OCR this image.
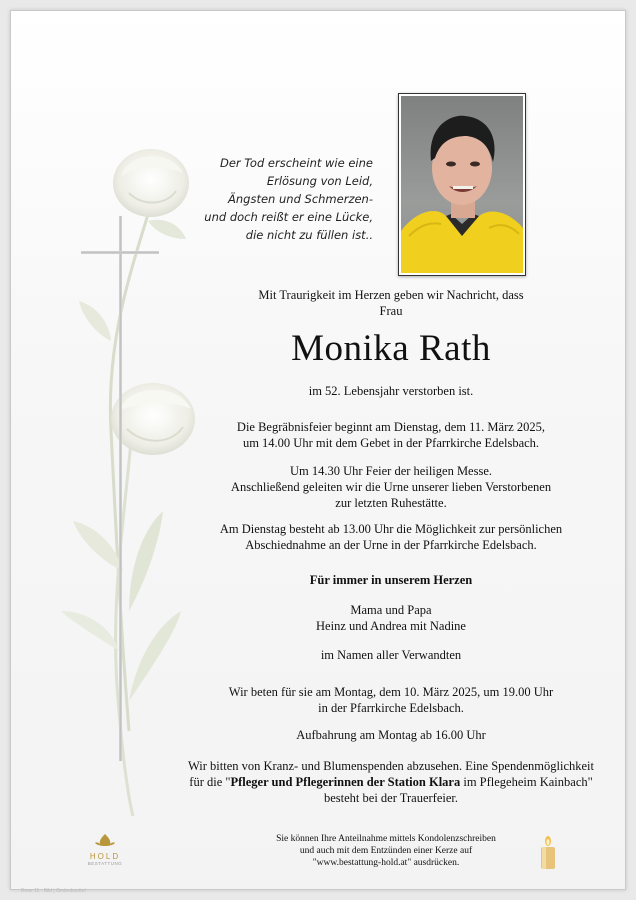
Der Tod erscheint wie eine
Erlösung von Leid,
Ängsten und Schmerzen-
und doch reißt er eine Lücke,
die nicht zu füllen ist..
Mit Traurigkeit im Herzen geben wir Nachricht, dass
Frau
Monika Rath
im 52. Lebensjahr verstorben ist.
Die Begräbnisfeier beginnt am Dienstag, dem 11. März 2025,
um 14.00 Uhr mit dem Gebet in der Pfarrkirche Edelsbach.
Um 14.30 Uhr Feier der heiligen Messe.
Anschließend geleiten wir die Urne unserer lieben Verstorbenen
zur letzten Ruhestätte.
Am Dienstag besteht ab 13.00 Uhr die Möglichkeit zur persönlichen
Abschiednahme an der Urne in der Pfarrkirche Edelsbach.
Für immer in unserem Herzen
Mama und Papa
Heinz und Andrea mit Nadine
im Namen aller Verwandten
Wir beten für sie am Montag, dem 10. März 2025, um 19.00 Uhr
in der Pfarrkirche Edelsbach.
Aufbahrung am Montag ab 16.00 Uhr
Wir bitten von Kranz- und Blumenspenden abzusehen. Eine Spendenmöglichkeit
für die "Pfleger und Pflegerinnen der Station Klara im Pflegeheim Kainbach"
besteht bei der Trauerfeier.
HOLD
BESTATTUNG
Sie können Ihre Anteilnahme mittels Kondolenzschreiben
und auch mit dem Entzünden einer Kerze auf
"www.bestattung-hold.at" ausdrücken.
Rose 11 · Bild | Gedenkzettel
